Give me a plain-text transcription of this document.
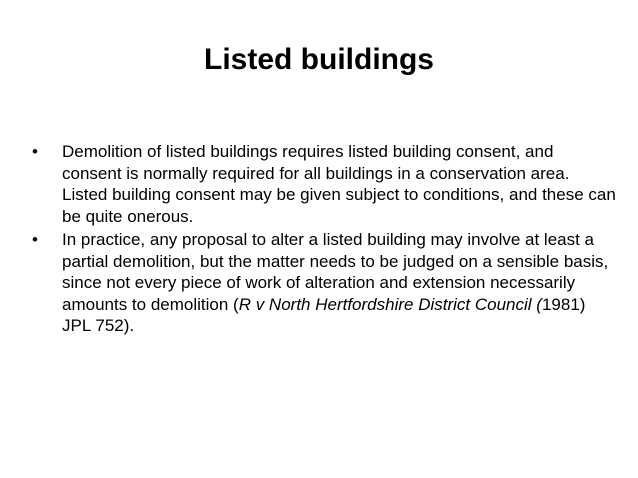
Listed buildings
• Demolition of listed buildings requires listed building consent, and consent is normally required for all buildings in a conservation area. Listed building consent may be given subject to conditions, and these can be quite onerous.
• In practice, any proposal to alter a listed building may involve at least a partial demolition, but the matter needs to be judged on a sensible basis, since not every piece of work of alteration and extension necessarily amounts to demolition (R v North Hertfordshire District Council (1981) JPL 752).
